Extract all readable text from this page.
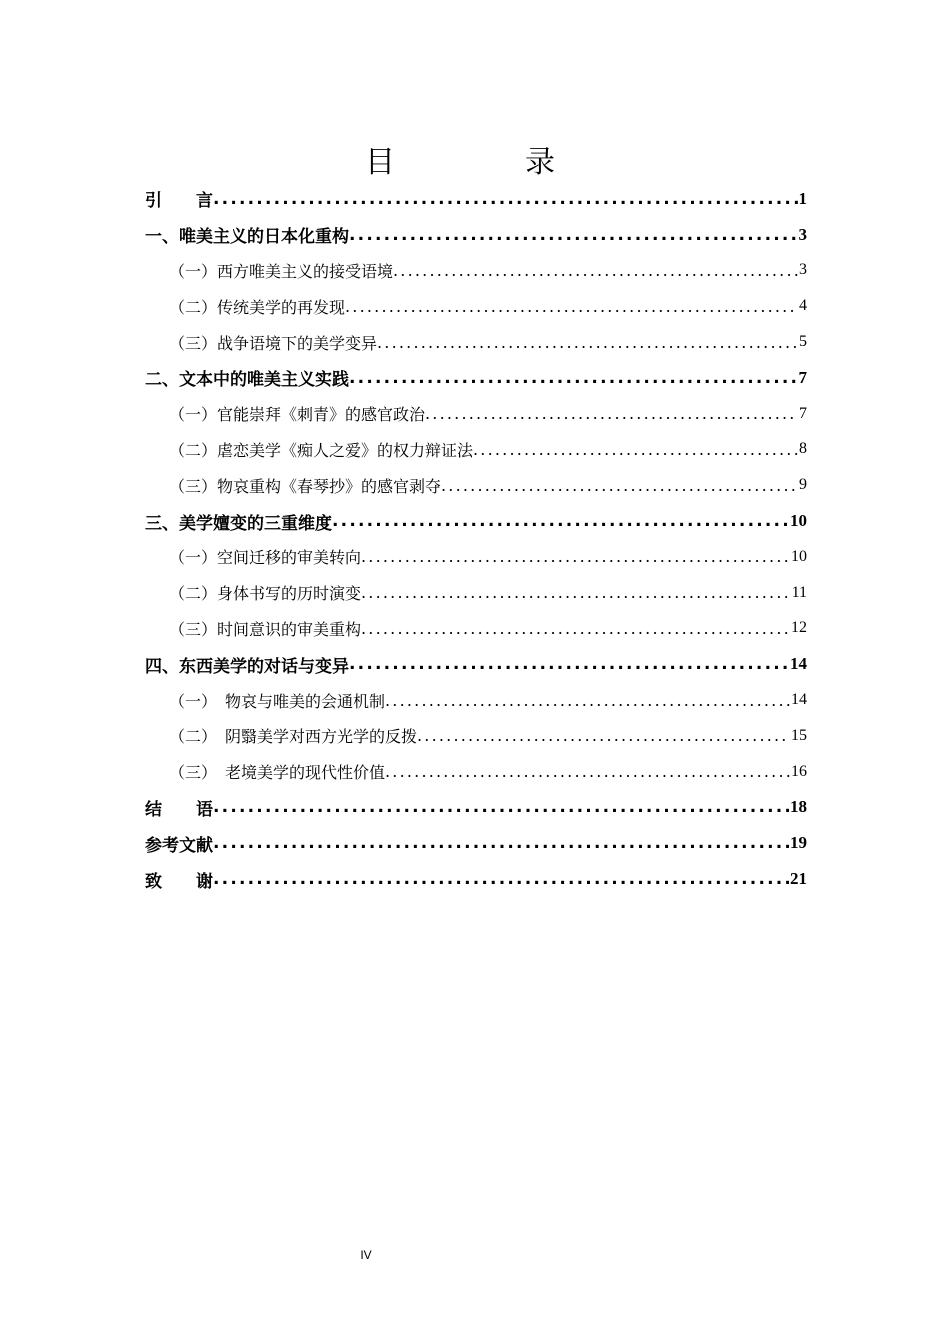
目　录
引　　言 .....	1
一、唯美主义的日本化重构 .....	3
（一）西方唯美主义的接受语境 .....	3
（二）传统美学的再发现 .....	4
（三）战争语境下的美学变异 .....	5
二、文本中的唯美主义实践 .....	7
（一）官能崇拜《刺青》的感官政治 .....	7
（二）虐恋美学《痴人之爱》的权力辩证法 .....	8
（三）物哀重构《春琴抄》的感官剥夺 .....	9
三、美学嬗变的三重维度 .....	10
（一）空间迁移的审美转向 .....	10
（二）身体书写的历时演变 .....	11
（三）时间意识的审美重构 .....	12
四、东西美学的对话与变异 .....	14
（一）　物哀与唯美的会通机制 .....	14
（二）　阴翳美学对西方光学的反拨 .....	15
（三）　老境美学的现代性价值 .....	16
结　　语 .....	18
参考文献 .....	19
致　　谢 .....	21
IV
